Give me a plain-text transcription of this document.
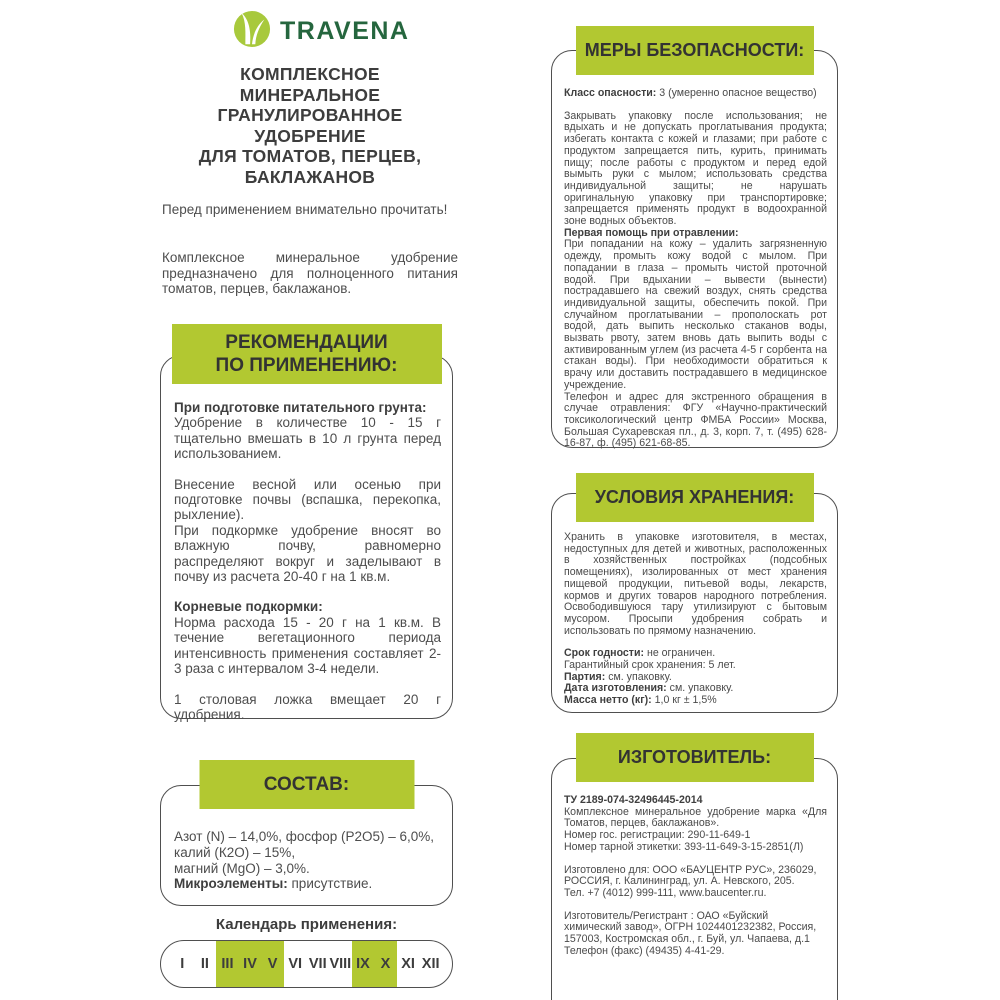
TRAVENA
КОМПЛЕКСНОЕ
МИНЕРАЛЬНОЕ
ГРАНУЛИРОВАННОЕ
УДОБРЕНИЕ
ДЛЯ ТОМАТОВ, ПЕРЦЕВ,
БАКЛАЖАНОВ

Перед применением внимательно прочитать!

Комплексное минеральное удобрение предназначено для полноценного питания томатов, перцев, баклажанов.

РЕКОМЕНДАЦИИ
ПО ПРИМЕНЕНИЮ:

При подготовке питательного грунта:
Удобрение в количестве 10 - 15 г тщательно вмешать в 10 л грунта перед использованием.

Внесение весной или осенью при подготовке почвы (вспашка, перекопка, рыхление).

При подкормке удобрение вносят во влажную почву, равномерно распределяют вокруг и заделывают в почву из расчета 20-40 г на 1 кв.м.

Корневые подкормки:
Норма расхода 15 - 20 г на 1 кв.м. В течение вегетационного периода интенсивность применения составляет 2-3 раза с интервалом 3-4 недели.

1 столовая ложка вмещает 20 г удобрения.

СОСТАВ:

Азот (N) – 14,0%, фосфор (P2O5) – 6,0%,

калий (К2О) – 15%,

магний (MgO) – 3,0%.

Микроэлементы: присутствие.

Календарь применения:
I	II III IV V VI VII VIII IX X XI XII
МЕРЫ БЕЗОПАСНОСТИ:

Класс опасности: 3 (умеренно опасное вещество)

Закрывать упаковку после использования; не вдыхать и не допускать проглатывания продукта; избегать контакта с кожей и глазами; при работе с продуктом запрещается пить, курить, принимать пищу; после работы с продуктом и перед едой вымыть руки с мылом; использовать средства индивидуальной защиты; не нарушать оригинальную упаковку при транспортировке; запрещается применять продукт в водоохранной зоне водных объектов.

Первая помощь при отравлении:

При попадании на кожу – удалить загрязненную одежду, промыть кожу водой с мылом. При попадании в глаза – промыть чистой проточной водой. При вдыхании – вывести (вынести) пострадавшего на свежий воздух, снять средства индивидуальной защиты, обеспечить покой. При случайном проглатывании – прополоскать рот водой, дать выпить несколько стаканов воды, вызвать рвоту, затем вновь дать выпить воды с активированным углем (из расчета 4-5 г сорбента на стакан воды). При необходимости обратиться к врачу или доставить пострадавшего в медицинское учреждение.

Телефон и адрес для экстренного обращения в случае отравления: ФГУ «Научно-практический токсикологический центр ФМБА России» Москва, Большая Сухаревская пл., д. 3, корп. 7, т. (495) 628-16-87, ф. (495) 621-68-85.

УСЛОВИЯ ХРАНЕНИЯ:

Хранить в упаковке изготовителя, в местах, недоступных для детей и животных, расположенных в хозяйственных постройках (подсобных помещениях), изолированных от мест хранения пищевой продукции, питьевой воды, лекарств, кормов и других товаров народного потребления. Освободившуюся тару утилизируют с бытовым мусором. Просыпи удобрения собрать и использовать по прямому назначению.

Срок годности: не ограничен.

Гарантийный срок хранения: 5 лет.

Партия: см. упаковку.

Дата изготовления: см. упаковку.

Масса нетто (кг): 1,0 кг ± 1,5%

ИЗГОТОВИТЕЛЬ:

ТУ 2189-074-32496445-2014

Комплексное минеральное удобрение марка «Для Томатов, перцев, баклажанов».

Номер гос. регистрации: 290-11-649-1

Номер тарной этикетки: 393-11-649-3-15-2851(Л)

Изготовлено для: ООО «БАУЦЕНТР РУС», 236029, РОССИЯ, г. Калининград, ул. А. Невского, 205.

Тел. +7 (4012) 999-111, www.baucenter.ru.

Изготовитель/Регистрант : ОАО «Буйский химический завод», ОГРН 1024401232382, Россия, 157003, Костромская обл., г. Буй, ул. Чапаева, д.1

Телефон (факс) (49435) 4-41-29.
